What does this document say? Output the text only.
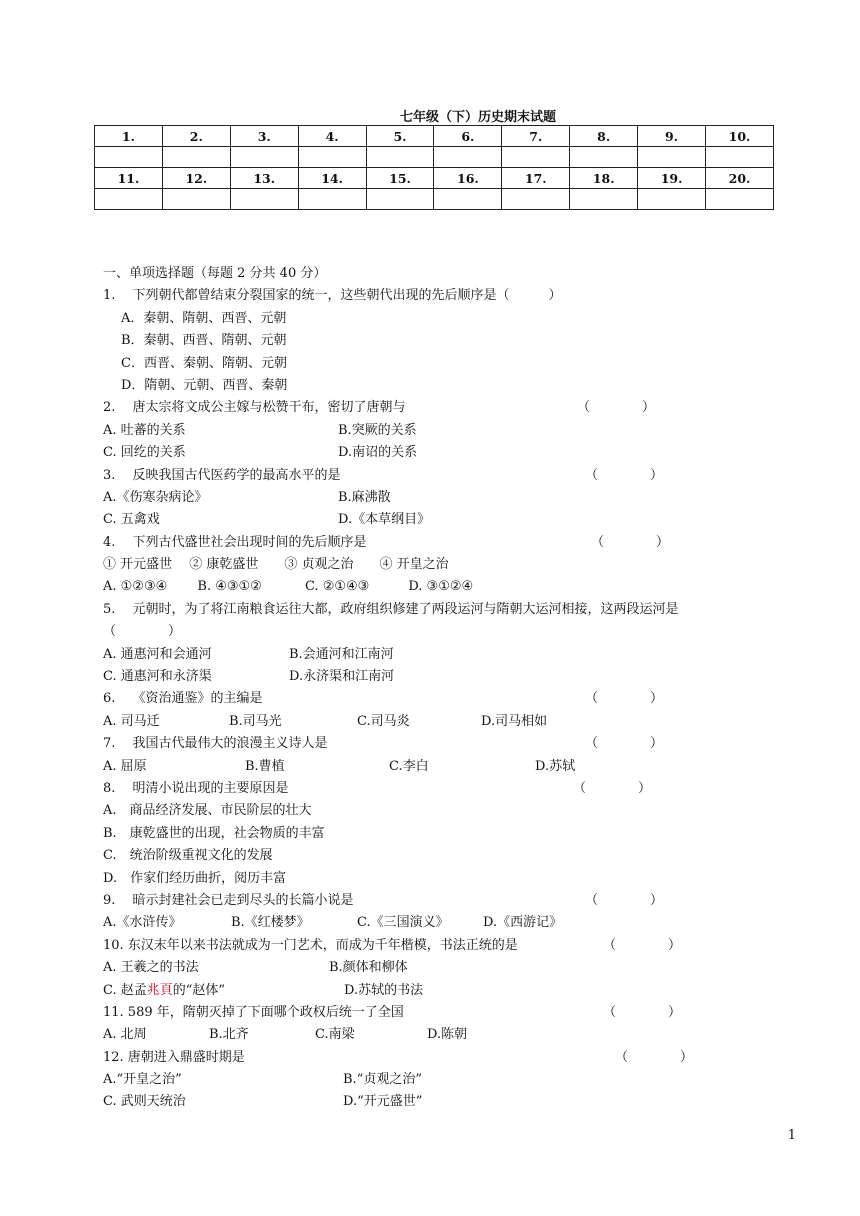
七年级（下）历史期末试题
1.	2.	3.	4.	5.	6.	7.	8.	9.	10.

11.	12.	13.	14.	15.	16.	17.	18.	19.	20.

一、单项选择题（每题 2 分共 40 分）
1.　 下列朝代都曾结束分裂国家的统一，这些朝代出现的先后顺序是（　　　）
A．秦朝、隋朝、西晋、元朝
B．秦朝、西晋、隋朝、元朝
C．西晋、秦朝、隋朝、元朝
D．隋朝、元朝、西晋、秦朝
2.　 唐太宗将文成公主嫁与松赞干布，密切了唐朝与	（　　　　）
A. 吐蕃的关系	B.突厥的关系
C. 回纥的关系	D.南诏的关系
3.　 反映我国古代医药学的最高水平的是	（　　　　）
A.《伤寒杂病论》	B.麻沸散
C. 五禽戏	D.《本草纲目》
4.　 下列古代盛世社会出现时间的先后顺序是	（　　　　）
① 开元盛世　 ② 康乾盛世　　③ 贞观之治　　④ 开皇之治
A. ①②③④　　 B. ④③①②　　　 C. ②①④③　　　D. ③①②④
5.　 元朝时，为了将江南粮食运往大都，政府组织修建了两段运河与隋朝大运河相接，这两段运河是
（　　　　）
A. 通惠河和会通河	B.会通河和江南河
C. 通惠河和永济渠	D.永济渠和江南河
6.　 《资治通鉴》的主编是	（　　　　）
A. 司马迁	B.司马光	C.司马炎	D.司马相如
7.　 我国古代最伟大的浪漫主义诗人是	（　　　　）
A. 屈原	B.曹植	C.李白	D.苏轼
8.　 明清小说出现的主要原因是	（　　　　）
A.　商品经济发展、市民阶层的壮大
B.　康乾盛世的出现，社会物质的丰富
C.　统治阶级重视文化的发展
D.　作家们经历曲折，阅历丰富
9.　 暗示封建社会已走到尽头的长篇小说是	（　　　　）
A.《水浒传》	B.《红楼梦》	C.《三国演义》	D.《西游记》
10. 东汉末年以来书法就成为一门艺术，而成为千年楷模，书法正统的是	（　　　　）
A. 王羲之的书法	B.颜体和柳体
C. 赵孟兆頁的“赵体”	D.苏轼的书法
11. 589 年，隋朝灭掉了下面哪个政权后统一了全国	（　　　　）
A. 北周	B.北齐	C.南梁	D.陈朝
12. 唐朝进入鼎盛时期是	（　　　　）
A.“开皇之治”	B.“贞观之治”
C. 武则天统治	D.“开元盛世”
1
